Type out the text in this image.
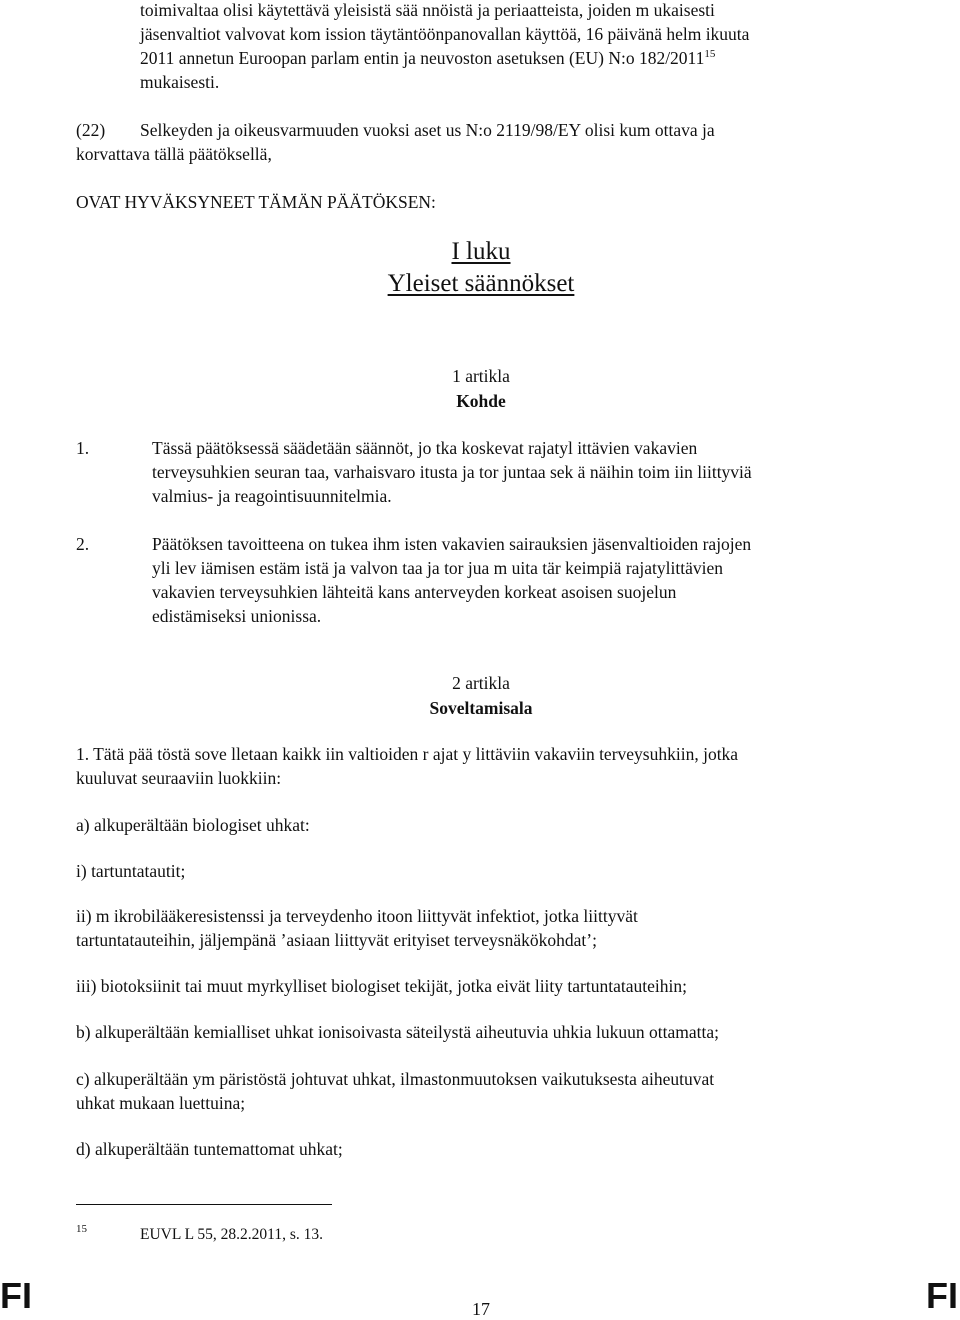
toimivaltaa olisi käytettävä yleisistä sää nnöistä ja periaatteista, joiden m ukaisesti
jäsenvaltiot valvovat kom ission täytäntöönpanovallan käyttöä, 16 päivänä helm ikuuta
2011 annetun Euroopan parlam entin ja neuvoston asetuksen (EU) N:o 182/2011$^{15}$
mukaisesti.
(22) Selkeyden ja oikeusvarmuuden vuoksi aset us N:o 2119/98/EY olisi kum ottava ja
korvattava tällä päätöksellä,
OVAT HYVÄKSYNEET TÄMÄN PÄÄTÖKSEN:
I luku
Yleiset säännökset
1 artikla
Kohde
1.	Tässä päätöksessä säädetään säännöt, jo tka koskevat rajatyl ittävien vakavien
terveysuhkien seuran taa, varhaisvaro itusta ja tor juntaa sek ä näihin toim iin liittyviä
valmius- ja reagointisuunnitelmia.
2.	Päätöksen tavoitteena on tukea ihm isten vakavien sairauksien jäsenvaltioiden rajojen
yli lev iämisen estäm istä ja valvon taa ja tor jua m uita tär keimpiä rajatylittävien
vakavien terveysuhkien lähteitä kans anterveyden korkeat asoisen suojelun
edistämiseksi unionissa.
2 artikla
Soveltamisala
1. Tätä pää töstä sove lletaan kaikk iin valtioiden r ajat y littäviin vakaviin terveysuhkiin, jotka
kuuluvat seuraaviin luokkiin:
a) alkuperältään biologiset uhkat:
i) tartuntatautit;
ii) m ikrobilääkeresistenssi ja terveydenho itoon liittyvät infektiot, jotka liittyvät
tartuntatauteihin, jäljempänä ’asiaan liittyvät erityiset terveysnäkökohdat’;
iii) biotoksiinit tai muut myrkylliset biologiset tekijät, jotka eivät liity tartuntatauteihin;
b) alkuperältään kemialliset uhkat ionisoivasta säteilystä aiheutuvia uhkia lukuun ottamatta;
c) alkuperältään ym päristöstä johtuvat uhkat, ilmastonmuutoksen vaikutuksesta aiheutuvat
uhkat mukaan luettuina;
d) alkuperältään tuntemattomat uhkat;
15	EUVL L 55, 28.2.2011, s. 13.
FI	17	FI
